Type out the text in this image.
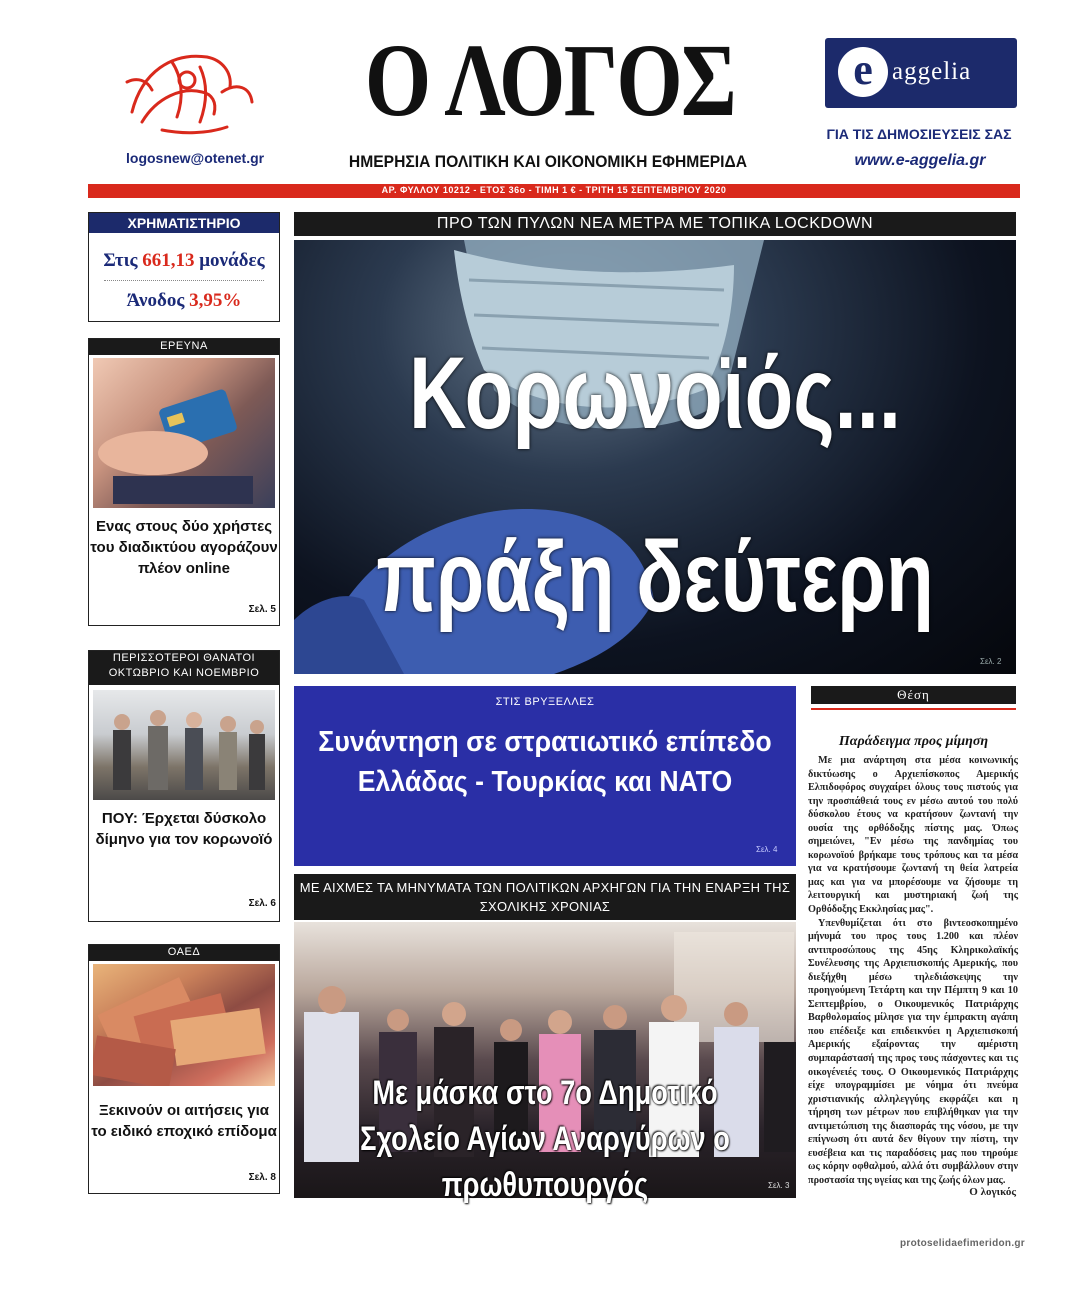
logosnew@otenet.gr
Ο ΛΟΓΟΣ
ΗΜΕΡΗΣΙΑ ΠΟΛΙΤΙΚΗ ΚΑΙ ΟΙΚΟΝΟΜΙΚΗ ΕΦΗΜΕΡΙΔΑ
e aggelia
ΓΙΑ ΤΙΣ ΔΗΜΟΣΙΕΥΣΕΙΣ ΣΑΣ
www.e-aggelia.gr
ΑΡ. ΦΥΛΛΟΥ 10212 - ΕΤΟΣ 36ο - ΤΙΜΗ 1 € - ΤΡΙΤΗ 15 ΣΕΠΤΕΜΒΡΙΟΥ 2020
ΧΡΗΜΑΤΙΣΤΗΡΙΟ
Στις 661,13 μονάδες
Άνοδος 3,95%
ΕΡΕΥΝΑ
Ενας στους δύο χρήστες του διαδικτύου αγοράζουν πλέον online
Σελ. 5
ΠΕΡΙΣΣΟΤΕΡΟΙ ΘΑΝΑΤΟΙ ΟΚΤΩΒΡΙΟ ΚΑΙ ΝΟΕΜΒΡΙΟ
ΠΟΥ: Έρχεται δύσκολο δίμηνο για τον κορωνοϊό
Σελ. 6
ΟΑΕΔ
Ξεκινούν οι αιτήσεις για το ειδικό εποχικό επίδομα
Σελ. 8
ΠΡΟ ΤΩΝ ΠΥΛΩΝ ΝΕΑ ΜΕΤΡΑ ΜΕ ΤΟΠΙΚΑ LOCKDOWN
Κορωνοϊός...
πράξη δεύτερη
Σελ. 2
ΣΤΙΣ ΒΡΥΞΕΛΛΕΣ
Συνάντηση σε στρατιωτικό επίπεδο Ελλάδας - Τουρκίας και ΝΑΤΟ
Σελ. 4
ΜΕ ΑΙΧΜΕΣ ΤΑ ΜΗΝΥΜΑΤΑ ΤΩΝ ΠΟΛΙΤΙΚΩΝ ΑΡΧΗΓΩΝ ΓΙΑ ΤΗΝ ΕΝΑΡΞΗ ΤΗΣ ΣΧΟΛΙΚΗΣ ΧΡΟΝΙΑΣ
Με μάσκα στο 7ο Δημοτικό Σχολείο Αγίων Αναργύρων ο πρωθυπουργός	Σελ. 3
Θέση
Παράδειγμα προς μίμηση

Με μια ανάρτηση στα μέσα κοινωνικής δικτύωσης ο Αρχιεπίσκοπος Αμερικής Ελπιδοφόρος συγχαίρει όλους τους πιστούς για την προσπάθειά τους εν μέσω αυτού του πολύ δύσκολου έτους να κρατήσουν ζωντανή την ουσία της ορθόδοξης πίστης μας. Όπως σημειώνει, "Εν μέσω της πανδημίας του κορωνοϊού βρήκαμε τους τρόπους και τα μέσα για να κρατήσουμε ζωντανή τη θεία λατρεία μας και για να μπορέσουμε να ζήσουμε τη λειτουργική και μυστηριακή ζωή της Ορθόδοξης Εκκλησίας μας".

Υπενθυμίζεται ότι στο βιντεοσκοπημένο μήνυμά του προς τους 1.200 και πλέον αντιπροσώπους της 45ης Κληρικολαϊκής Συνέλευσης της Αρχιεπισκοπής Αμερικής, που διεξήχθη μέσω τηλεδιάσκεψης την προηγούμενη Τετάρτη και την Πέμπτη 9 και 10 Σεπτεμβρίου, ο Οικουμενικός Πατριάρχης Βαρθολομαίος μίλησε για την έμπρακτη αγάπη που επέδειξε και επιδεικνύει η Αρχιεπισκοπή Αμερικής εξαίροντας την αμέριστη συμπαράστασή της προς τους πάσχοντες και τις οικογένειές τους. Ο Οικουμενικός Πατριάρχης είχε υπογραμμίσει με νόημα ότι πνεύμα χριστιανικής αλληλεγγύης εκφράζει και η τήρηση των μέτρων που επιβλήθηκαν για την αντιμετώπιση της διασποράς της νόσου, με την επίγνωση ότι αυτά δεν θίγουν την πίστη, την ευσέβεια και τις παραδόσεις μας που τηρούμε ως κόρην οφθαλμού, αλλά ότι συμβάλλουν στην προστασία της υγείας και της ζωής όλων μας.

Ο λογικός
protoselidaefimeridon.gr
